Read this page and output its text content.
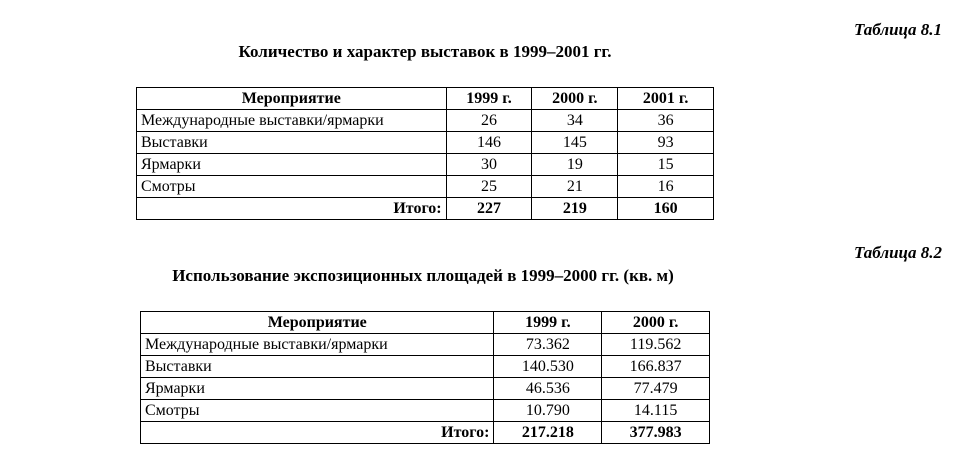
Таблица 8.1
Количество и характер выставок в 1999–2001 гг.
Мероприятие	1999 г.	2000 г.	2001 г.
Международные выставки/ярмарки	26	34	36
Выставки	146	145	93
Ярмарки	30	19	15
Смотры	25	21	16
Итого:	227	219	160
Таблица 8.2
Использование экспозиционных площадей в 1999–2000 гг. (кв. м)
Мероприятие	1999 г.	2000 г.
Международные выставки/ярмарки	73.362	119.562
Выставки	140.530	166.837
Ярмарки	46.536	77.479
Смотры	10.790	14.115
Итого:	217.218	377.983
